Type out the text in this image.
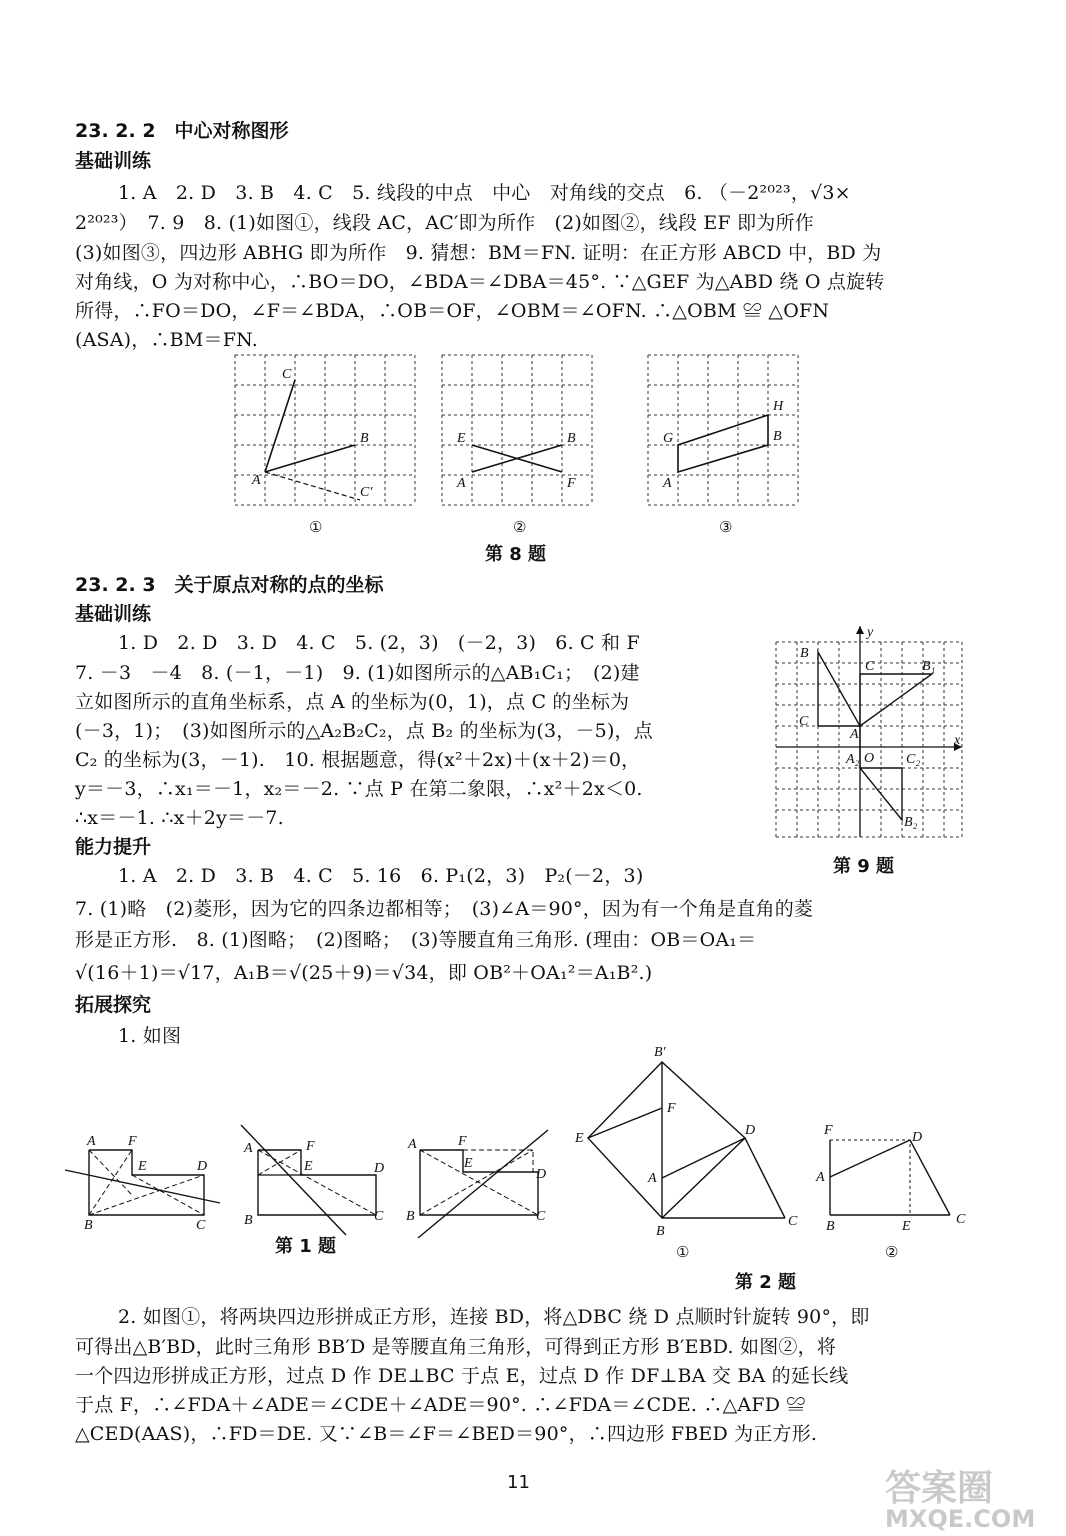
23. 2. 2　中心对称图形
基础训练
1. A　2. D　3. B　4. C　5. 线段的中点　中心　对角线的交点　6. （－2²⁰²³，√3×
2²⁰²³）　7. 9　8. (1)如图①，线段 AC，AC′即为所作　(2)如图②，线段 EF 即为所作
(3)如图③，四边形 ABHG 即为所作　9. 猜想：BM＝FN. 证明：在正方形 ABCD 中，BD 为
对角线，O 为对称中心，∴BO＝DO，∠BDA＝∠DBA＝45°. ∵△GEF 为△ABD 绕 O 点旋转
所得，∴FO＝DO，∠F＝∠BDA，∴OB＝OF，∠OBM＝∠OFN. ∴△OBM ≌ △OFN
(ASA)，∴BM＝FN.
C
B
A
C′
①
E	B
A	F
②
G
H
B
A
③
第 8 题
23. 2. 3　关于原点对称的点的坐标
基础训练
1. D　2. D　3. D　4. C　5. (2，3)　(－2，3)　6. C 和 F
7. －3　－4　8. (－1，－1)　9. (1)如图所示的△AB₁C₁；　(2)建
立如图所示的直角坐标系，点 A 的坐标为(0，1)，点 C 的坐标为
(－3，1)；　(3)如图所示的△A₂B₂C₂，点 B₂ 的坐标为(3，－5)，点
C₂ 的坐标为(3，－1).　10. 根据题意，得(x²＋2x)＋(x＋2)＝0，
y＝－3，∴x₁＝－1，x₂＝－2. ∵点 P 在第二象限，∴x²＋2x＜0.
∴x＝－1. ∴x＋2y＝－7.
y
x
O
B
C	B₁
C
A
A₂	C₂
B₂
第 9 题
能力提升
1. A　2. D　3. B　4. C　5. 16　6. P₁(2，3)　P₂(－2，3)
7. (1)略　(2)菱形，因为它的四条边都相等；　(3)∠A＝90°，因为有一个角是直角的菱
形是正方形.　8. (1)图略；　(2)图略；　(3)等腰直角三角形. (理由：OB＝OA₁＝
√(16＋1)＝√17，A₁B＝√(25＋9)＝√34，即 OB²＋OA₁²＝A₁B².)
拓展探究
1. 如图
A F
E	D
B	C
A	F
E	D
B	C
A	F
E
D
B	C
第 1 题
B′
E
F
D
A
B
C
①
F	D
A
B	E	C
②
第 2 题
2. 如图①，将两块四边形拼成正方形，连接 BD，将△DBC 绕 D 点顺时针旋转 90°，即
可得出△B′BD，此时三角形 BB′D 是等腰直角三角形，可得到正方形 B′EBD. 如图②，将
一个四边形拼成正方形，过点 D 作 DE⊥BC 于点 E，过点 D 作 DF⊥BA 交 BA 的延长线
于点 F，∴∠FDA＋∠ADE＝∠CDE＋∠ADE＝90°. ∴∠FDA＝∠CDE. ∴△AFD ≌
△CED(AAS)，∴FD＝DE. 又∵∠B＝∠F＝∠BED＝90°，∴四边形 FBED 为正方形.
11	答案圈
MXQE.COM
